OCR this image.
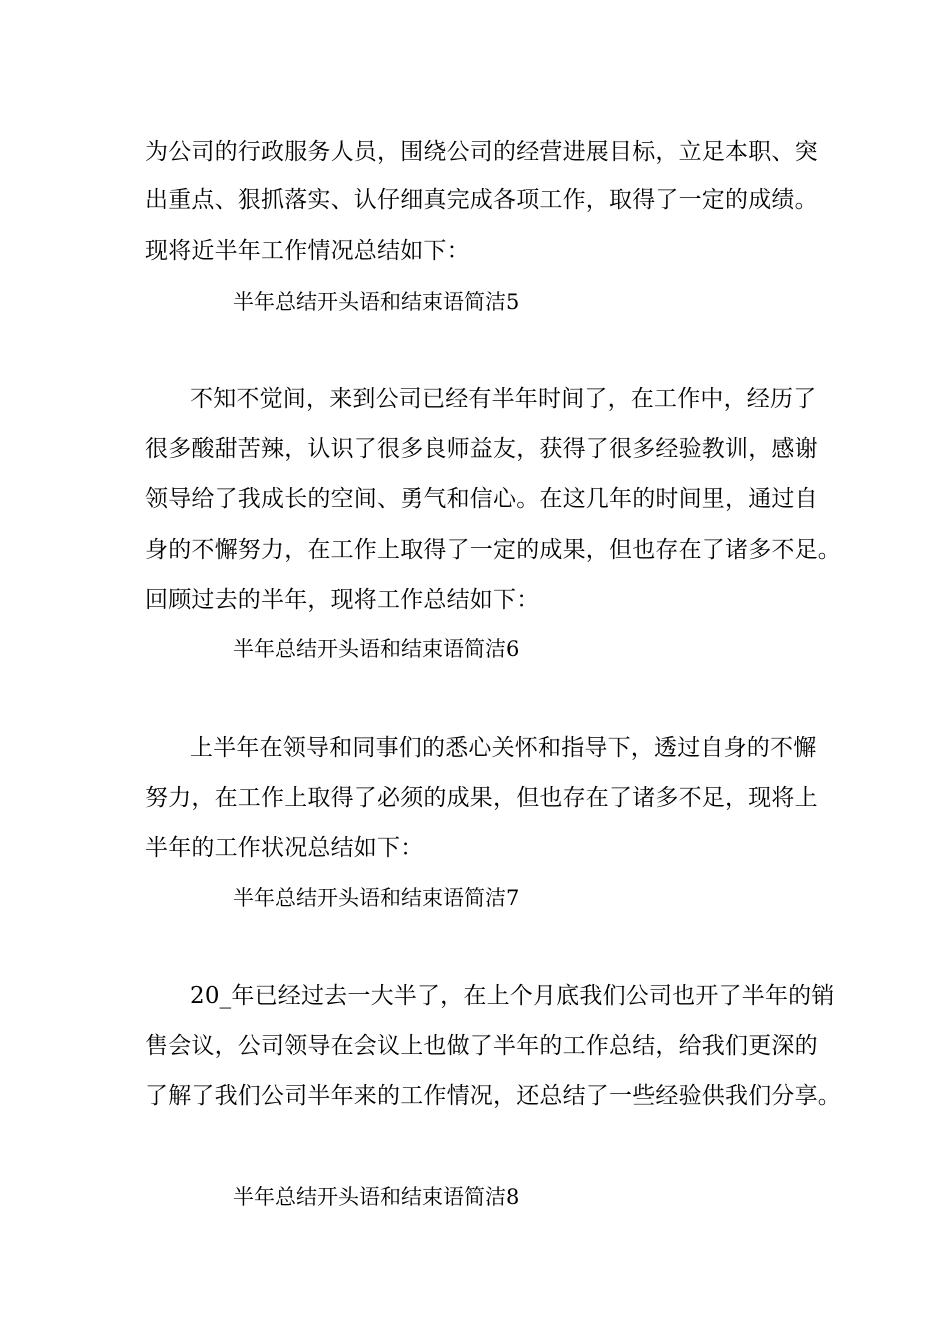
为公司的行政服务人员，围绕公司的经营进展目标，立足本职、突
出重点、狠抓落实、认仔细真完成各项工作，取得了一定的成绩。
现将近半年工作情况总结如下：
半年总结开头语和结束语简洁5
不知不觉间，来到公司已经有半年时间了，在工作中，经历了
很多酸甜苦辣，认识了很多良师益友，获得了很多经验教训，感谢
领导给了我成长的空间、勇气和信心。在这几年的时间里，通过自
身的不懈努力，在工作上取得了一定的成果，但也存在了诸多不足。
回顾过去的半年，现将工作总结如下：
半年总结开头语和结束语简洁6
上半年在领导和同事们的悉心关怀和指导下，透过自身的不懈
努力，在工作上取得了必须的成果，但也存在了诸多不足，现将上
半年的工作状况总结如下：
半年总结开头语和结束语简洁7
20_年已经过去一大半了，在上个月底我们公司也开了半年的销
售会议，公司领导在会议上也做了半年的工作总结，给我们更深的
了解了我们公司半年来的工作情况，还总结了一些经验供我们分享。
半年总结开头语和结束语简洁8
